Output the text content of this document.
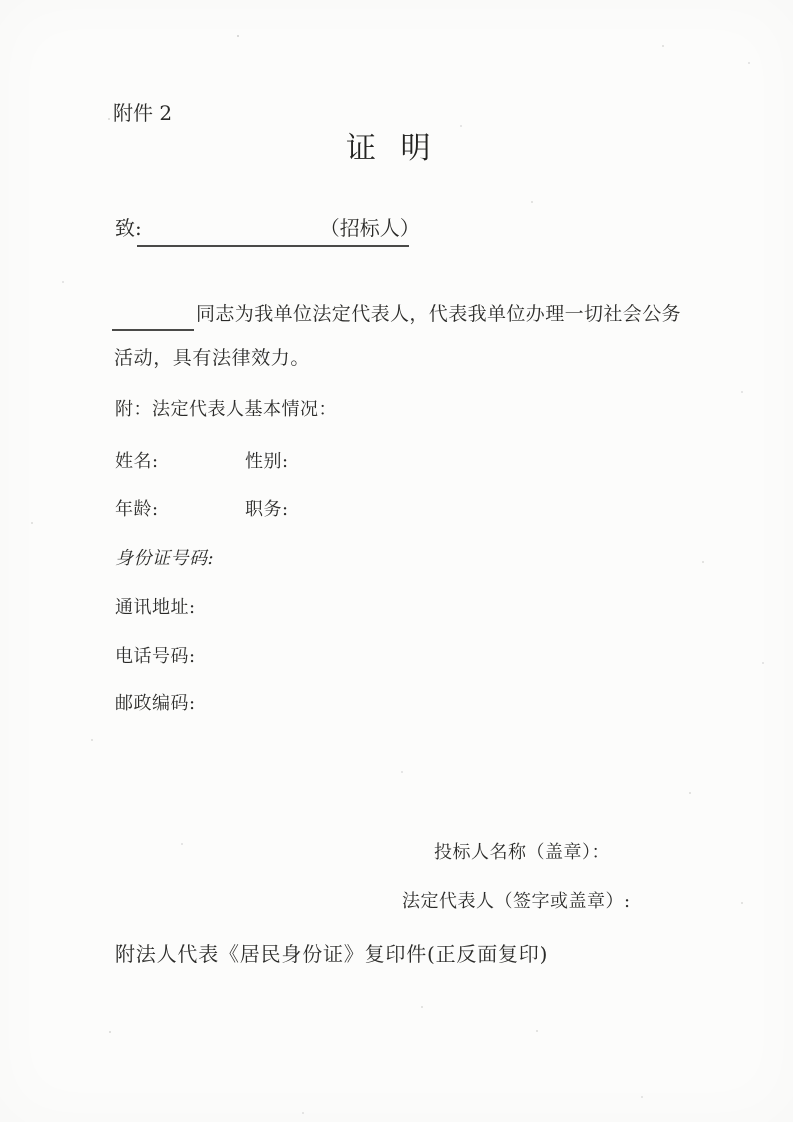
附件 2
证 明
致:	（招标人）
同志为我单位法定代表人，代表我单位办理一切社会公务
活动，具有法律效力。
附：法定代表人基本情况：
姓名:	性别:
年龄:	职务:
身份证号码:
通讯地址:
电话号码:
邮政编码:
投标人名称（盖章）：
法定代表人（签字或盖章）:
附法人代表《居民身份证》复印件(正反面复印)
